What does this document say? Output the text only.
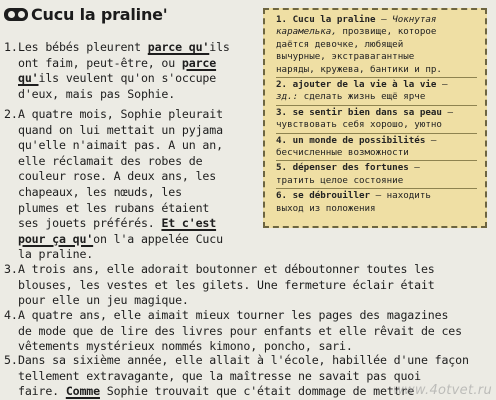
Cucu la praline'
1. Les bébés pleurent parce qu'ils
ont faim, peut-être, ou parce
qu'ils veulent qu'on s'occupe
d'eux, mais pas Sophie.
2. A quatre mois, Sophie pleurait
quand on lui mettait un pyjama
qu'elle n'aimait pas. A un an,
elle réclamait des robes de
couleur rose. A deux ans, les
chapeaux, les nœuds, les
plumes et les rubans étaient
ses jouets préférés. Et c'est
pour ça qu'on l'a appelée Cucu
la praline.
3. A trois ans, elle adorait boutonner et déboutonner toutes les
blouses, les vestes et les gilets. Une fermeture éclair était
pour elle un jeu magique.
4. A quatre ans, elle aimait mieux tourner les pages des magazines
de mode que de lire des livres pour enfants et elle rêvait de ces
vêtements mystérieux nommés kimono, poncho, sari.
5. Dans sa sixième année, elle allait à l'école, habillée d'une façon
tellement extravagante, que la maîtresse ne savait pas quoi
faire. Comme Sophie trouvait que c'était dommage de mettre
1. Cucu la praline — Чокнутая
карамелька, прозвище, которое
даётся девочке, любящей
вычурные, экстравагантные
наряды, кружева, бантики и пр.
2. ajouter de la vie à la vie —
зд.: сделать жизнь ещё ярче
3. se sentir bien dans sa peau —
чувствовать себя хорошо, уютно
4. un monde de possibilités —
бесчисленные возможности
5. dépenser des fortunes —
тратить целое состояние
6. se débrouiller — находить
выход из положения
www.4otvet.ru
